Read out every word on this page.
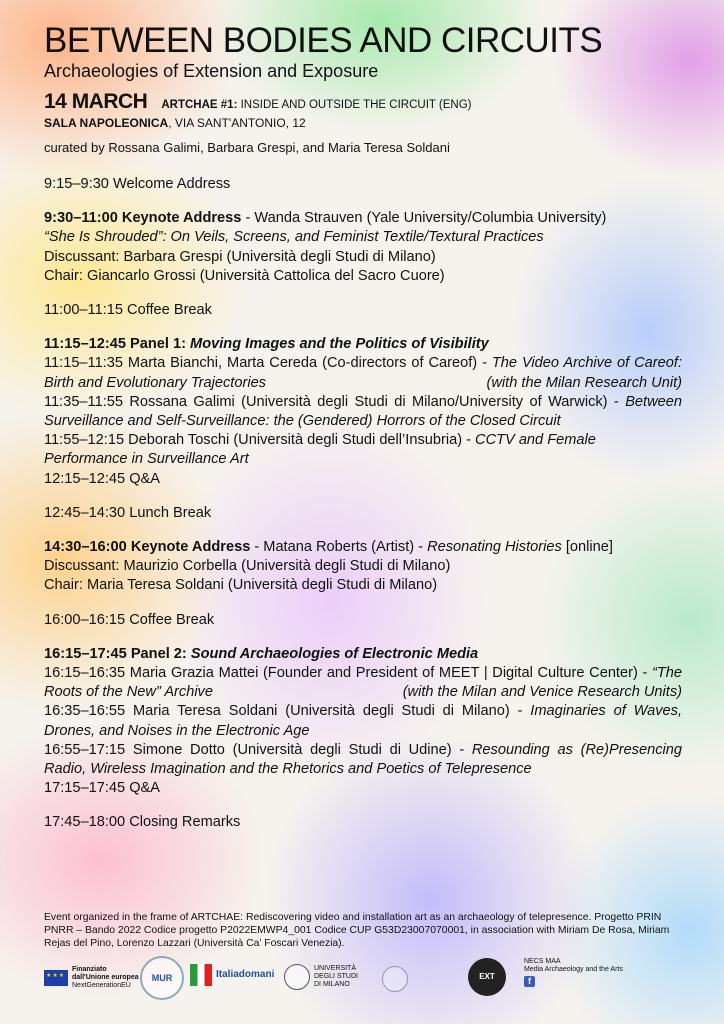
BETWEEN BODIES AND CIRCUITS
Archaeologies of Extension and Exposure
14 MARCH ARTCHAE #1: INSIDE AND OUTSIDE THE CIRCUIT (ENG)
SALA NAPOLEONICA, VIA SANT'ANTONIO, 12
curated by Rossana Galimi, Barbara Grespi, and Maria Teresa Soldani
9:15–9:30 Welcome Address
9:30–11:00 Keynote Address - Wanda Strauven (Yale University/Columbia University)
“She Is Shrouded”: On Veils, Screens, and Feminist Textile/Textural Practices
Discussant: Barbara Grespi (Università degli Studi di Milano)
Chair: Giancarlo Grossi (Università Cattolica del Sacro Cuore)
11:00–11:15 Coffee Break
11:15–12:45 Panel 1: Moving Images and the Politics of Visibility
11:15–11:35 Marta Bianchi, Marta Cereda (Co-directors of Careof) - The Video Archive of Careof: Birth and Evolutionary Trajectories	(with the Milan Research Unit)
11:35–11:55 Rossana Galimi (Università degli Studi di Milano/University of Warwick) - Between Surveillance and Self-Surveillance: the (Gendered) Horrors of the Closed Circuit
11:55–12:15 Deborah Toschi (Università degli Studi dell’Insubria) - CCTV and Female Performance in Surveillance Art
12:15–12:45 Q&A
12:45–14:30 Lunch Break
14:30–16:00 Keynote Address - Matana Roberts (Artist) - Resonating Histories [online]
Discussant: Maurizio Corbella (Università degli Studi di Milano)
Chair: Maria Teresa Soldani (Università degli Studi di Milano)
16:00–16:15 Coffee Break
16:15–17:45 Panel 2: Sound Archaeologies of Electronic Media
16:15–16:35 Maria Grazia Mattei (Founder and President of MEET | Digital Culture Center) - “The Roots of the New” Archive	(with the Milan and Venice Research Units)
16:35–16:55 Maria Teresa Soldani (Università degli Studi di Milano) - Imaginaries of Waves, Drones, and Noises in the Electronic Age
16:55–17:15 Simone Dotto (Università degli Studi di Udine) - Resounding as (Re)Presencing Radio, Wireless Imagination and the Rhetorics and Poetics of Telepresence
17:15–17:45 Q&A
17:45–18:00 Closing Remarks
Event organized in the frame of ARTCHAE: Rediscovering video and installation art as an archaeology of telepresence. Progetto PRIN PNRR – Bando 2022 Codice progetto P2022EMWP4_001 Codice CUP G53D23007070001, in association with Miriam De Rosa, Miriam Rejas del Pino, Lorenzo Lazzari (Università Ca’ Foscari Venezia).
★★★
Finanziato
dall'Unione europea
NextGenerationEU
MUR	Italiadomani
UNIVERSITÀ
DEGLI STUDI
DI MILANO
EXT
NECS MAA
Media Archaeology and the Arts
f
